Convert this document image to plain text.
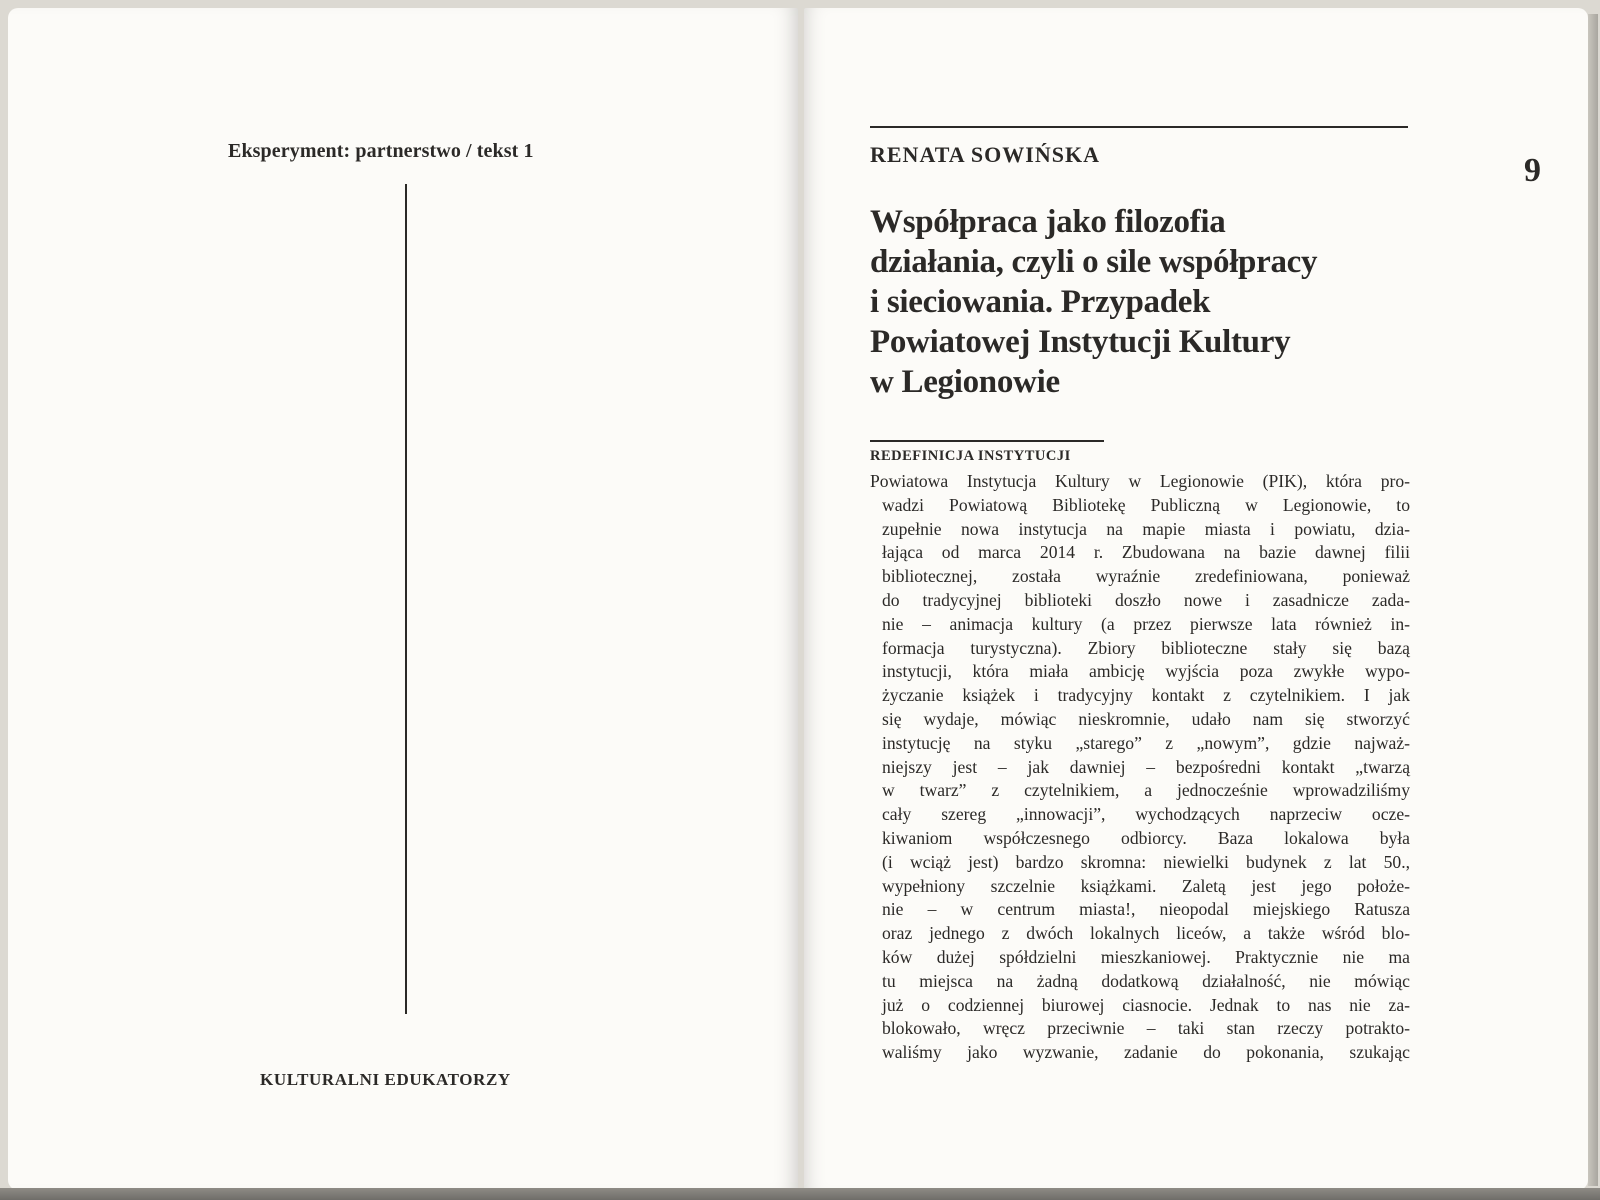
Eksperyment: partnerstwo / tekst 1
KULTURALNI EDUKATORZY
RENATA SOWIŃSKA	9
Współpraca jako filozofia
działania, czyli o sile współpracy
i sieciowania. Przypadek
Powiatowej Instytucji Kultury
w Legionowie
REDEFINICJA INSTYTUCJI
Powiatowa Instytucja Kultury w Legionowie (PIK), która pro-
wadzi Powiatową Bibliotekę Publiczną w Legionowie, to
zupełnie nowa instytucja na mapie miasta i powiatu, dzia-
łająca od marca 2014 r. Zbudowana na bazie dawnej filii
bibliotecznej, została wyraźnie zredefiniowana, ponieważ
do tradycyjnej biblioteki doszło nowe i zasadnicze zada-
nie – animacja kultury (a przez pierwsze lata również in-
formacja turystyczna). Zbiory biblioteczne stały się bazą
instytucji, która miała ambicję wyjścia poza zwykłe wypo-
życzanie książek i tradycyjny kontakt z czytelnikiem. I jak
się wydaje, mówiąc nieskromnie, udało nam się stworzyć
instytucję na styku „starego” z „nowym”, gdzie najważ-
niejszy jest – jak dawniej – bezpośredni kontakt „twarzą
w twarz” z czytelnikiem, a jednocześnie wprowadziliśmy
cały szereg „innowacji”, wychodzących naprzeciw ocze-
kiwaniom współczesnego odbiorcy. Baza lokalowa była
(i wciąż jest) bardzo skromna: niewielki budynek z lat 50.,
wypełniony szczelnie książkami. Zaletą jest jego położe-
nie – w centrum miasta!, nieopodal miejskiego Ratusza
oraz jednego z dwóch lokalnych liceów, a także wśród blo-
ków dużej spółdzielni mieszkaniowej. Praktycznie nie ma
tu miejsca na żadną dodatkową działalność, nie mówiąc
już o codziennej biurowej ciasnocie. Jednak to nas nie za-
blokowało, wręcz przeciwnie – taki stan rzeczy potrakto-
waliśmy jako wyzwanie, zadanie do pokonania, szukając
